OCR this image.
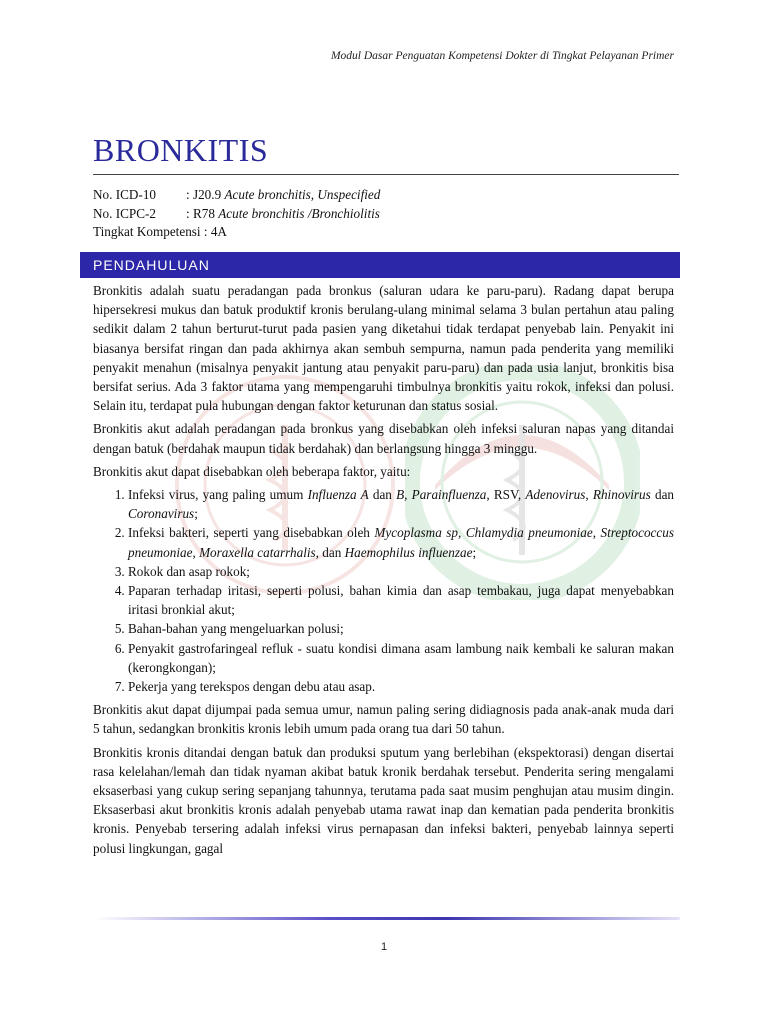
Modul Dasar Penguatan Kompetensi Dokter di Tingkat Pelayanan Primer
BRONKITIS
No. ICD-10 : J20.9 Acute bronchitis, Unspecified
No. ICPC-2 : R78 Acute bronchitis /Bronchiolitis
Tingkat Kompetensi : 4A
PENDAHULUAN

Bronkitis adalah suatu peradangan pada bronkus (saluran udara ke paru-paru). Radang dapat berupa hipersekresi mukus dan batuk produktif kronis berulang-ulang minimal selama 3 bulan pertahun atau paling sedikit dalam 2 tahun berturut-turut pada pasien yang diketahui tidak terdapat penyebab lain. Penyakit ini biasanya bersifat ringan dan pada akhirnya akan sembuh sempurna, namun pada penderita yang memiliki penyakit menahun (misalnya penyakit jantung atau penyakit paru-paru) dan pada usia lanjut, bronkitis bisa bersifat serius. Ada 3 faktor utama yang mempengaruhi timbulnya bronkitis yaitu rokok, infeksi dan polusi. Selain itu, terdapat pula hubungan dengan faktor keturunan dan status sosial.

Bronkitis akut adalah peradangan pada bronkus yang disebabkan oleh infeksi saluran napas yang ditandai dengan batuk (berdahak maupun tidak berdahak) dan berlangsung hingga 3 minggu.

Bronkitis akut dapat disebabkan oleh beberapa faktor, yaitu:

1. Infeksi virus, yang paling umum Influenza A dan B, Parainfluenza, RSV, Adenovirus, Rhinovirus dan Coronavirus;
2. Infeksi bakteri, seperti yang disebabkan oleh Mycoplasma sp, Chlamydia pneumoniae, Streptococcus pneumoniae, Moraxella catarrhalis, dan Haemophilus influenzae;
3. Rokok dan asap rokok;
4. Paparan terhadap iritasi, seperti polusi, bahan kimia dan asap tembakau, juga dapat menyebabkan iritasi bronkial akut;
5. Bahan-bahan yang mengeluarkan polusi;
6. Penyakit gastrofaringeal refluk - suatu kondisi dimana asam lambung naik kembali ke saluran makan (kerongkongan);
7. Pekerja yang terekspos dengan debu atau asap.

Bronkitis akut dapat dijumpai pada semua umur, namun paling sering didiagnosis pada anak-anak muda dari 5 tahun, sedangkan bronkitis kronis lebih umum pada orang tua dari 50 tahun.

Bronkitis kronis ditandai dengan batuk dan produksi sputum yang berlebihan (ekspektorasi) dengan disertai rasa kelelahan/lemah dan tidak nyaman akibat batuk kronik berdahak tersebut. Penderita sering mengalami eksaserbasi yang cukup sering sepanjang tahunnya, terutama pada saat musim penghujan atau musim dingin. Eksaserbasi akut bronkitis kronis adalah penyebab utama rawat inap dan kematian pada penderita bronkitis kronis. Penyebab tersering adalah infeksi virus pernapasan dan infeksi bakteri, penyebab lainnya seperti polusi lingkungan, gagal

1
